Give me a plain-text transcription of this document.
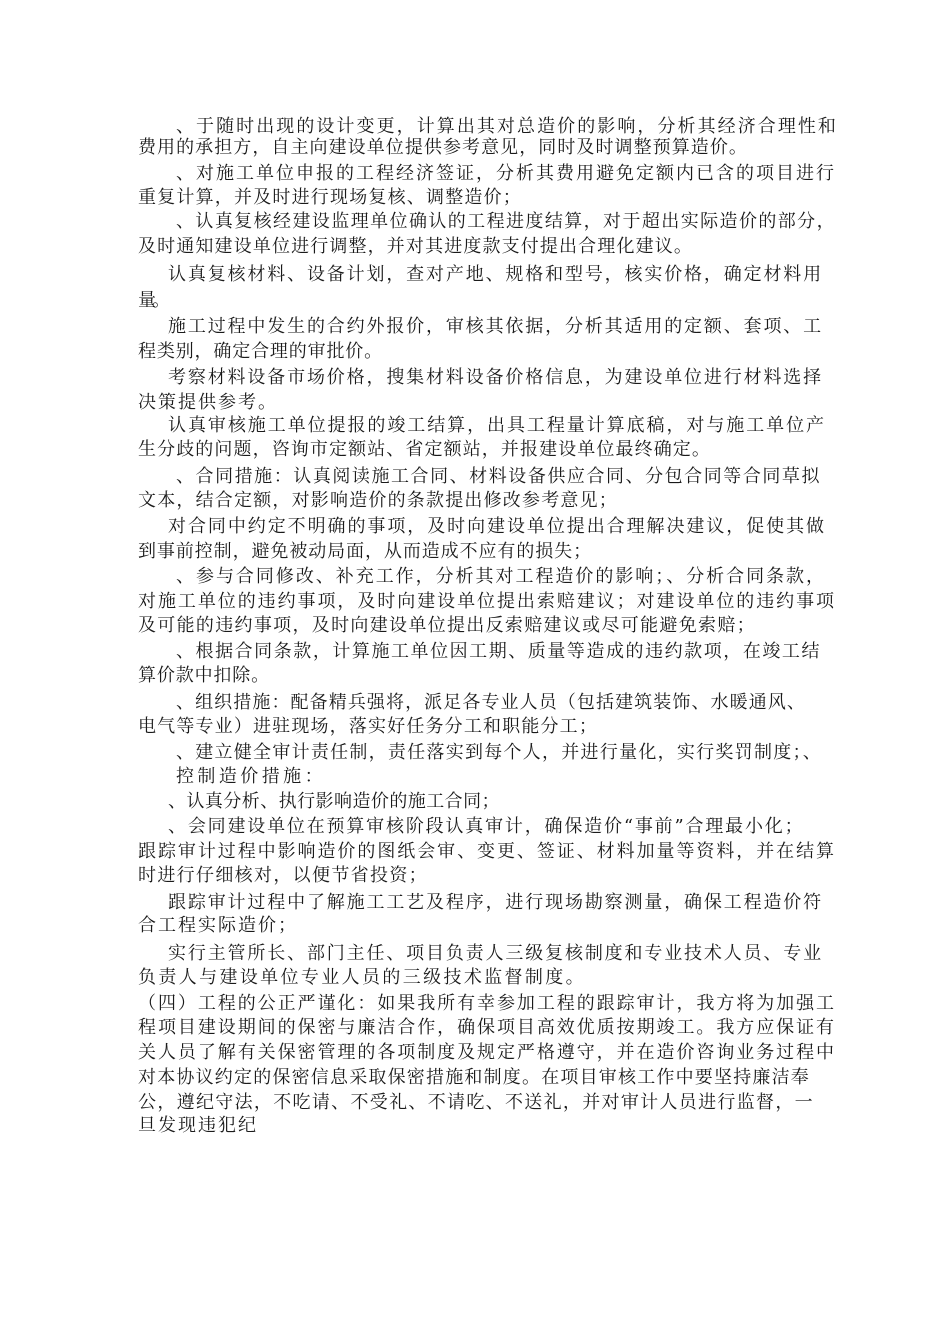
、于随时出现的设计变更，计算出其对总造价的影响，分析其经济合理性和
费用的承担方，自主向建设单位提供参考意见，同时及时调整预算造价。
、对施工单位申报的工程经济签证，分析其费用避免定额内已含的项目进行
重复计算，并及时进行现场复核、调整造价；
、认真复核经建设监理单位确认的工程进度结算，对于超出实际造价的部分，
及时通知建设单位进行调整，并对其进度款支付提出合理化建议。
认真复核材料、设备计划，查对产地、规格和型号，核实价格，确定材料用
量。
施工过程中发生的合约外报价，审核其依据，分析其适用的定额、套项、工
程类别，确定合理的审批价。
考察材料设备市场价格，搜集材料设备价格信息，为建设单位进行材料选择
决策提供参考。
认真审核施工单位提报的竣工结算，出具工程量计算底稿，对与施工单位产
生分歧的问题，咨询市定额站、省定额站，并报建设单位最终确定。
、合同措施：认真阅读施工合同、材料设备供应合同、分包合同等合同草拟
文本，结合定额，对影响造价的条款提出修改参考意见；
对合同中约定不明确的事项，及时向建设单位提出合理解决建议，促使其做
到事前控制，避免被动局面，从而造成不应有的损失；
、参与合同修改、补充工作，分析其对工程造价的影响；、分析合同条款，
对施工单位的违约事项，及时向建设单位提出索赔建议；对建设单位的违约事项
及可能的违约事项，及时向建设单位提出反索赔建议或尽可能避免索赔；
、根据合同条款，计算施工单位因工期、质量等造成的违约款项，在竣工结
算价款中扣除。
、组织措施：配备精兵强将，派足各专业人员（包括建筑装饰、水暖通风、
电气等专业）进驻现场，落实好任务分工和职能分工；
、建立健全审计责任制，责任落实到每个人，并进行量化，实行奖罚制度；、
控制造价措施：
、认真分析、执行影响造价的施工合同；
、会同建设单位在预算审核阶段认真审计，确保造价“事前”合理最小化；
跟踪审计过程中影响造价的图纸会审、变更、签证、材料加量等资料，并在结算
时进行仔细核对，以便节省投资；
跟踪审计过程中了解施工工艺及程序，进行现场勘察测量，确保工程造价符
合工程实际造价；
实行主管所长、部门主任、项目负责人三级复核制度和专业技术人员、专业
负责人与建设单位专业人员的三级技术监督制度。
（四）工程的公正严谨化：如果我所有幸参加工程的跟踪审计，我方将为加强工
程项目建设期间的保密与廉洁合作，确保项目高效优质按期竣工。我方应保证有
关人员了解有关保密管理的各项制度及规定严格遵守，并在造价咨询业务过程中
对本协议约定的保密信息采取保密措施和制度。在项目审核工作中要坚持廉洁奉
公，遵纪守法，不吃请、不受礼、不请吃、不送礼，并对审计人员进行监督，一
旦发现违犯纪
